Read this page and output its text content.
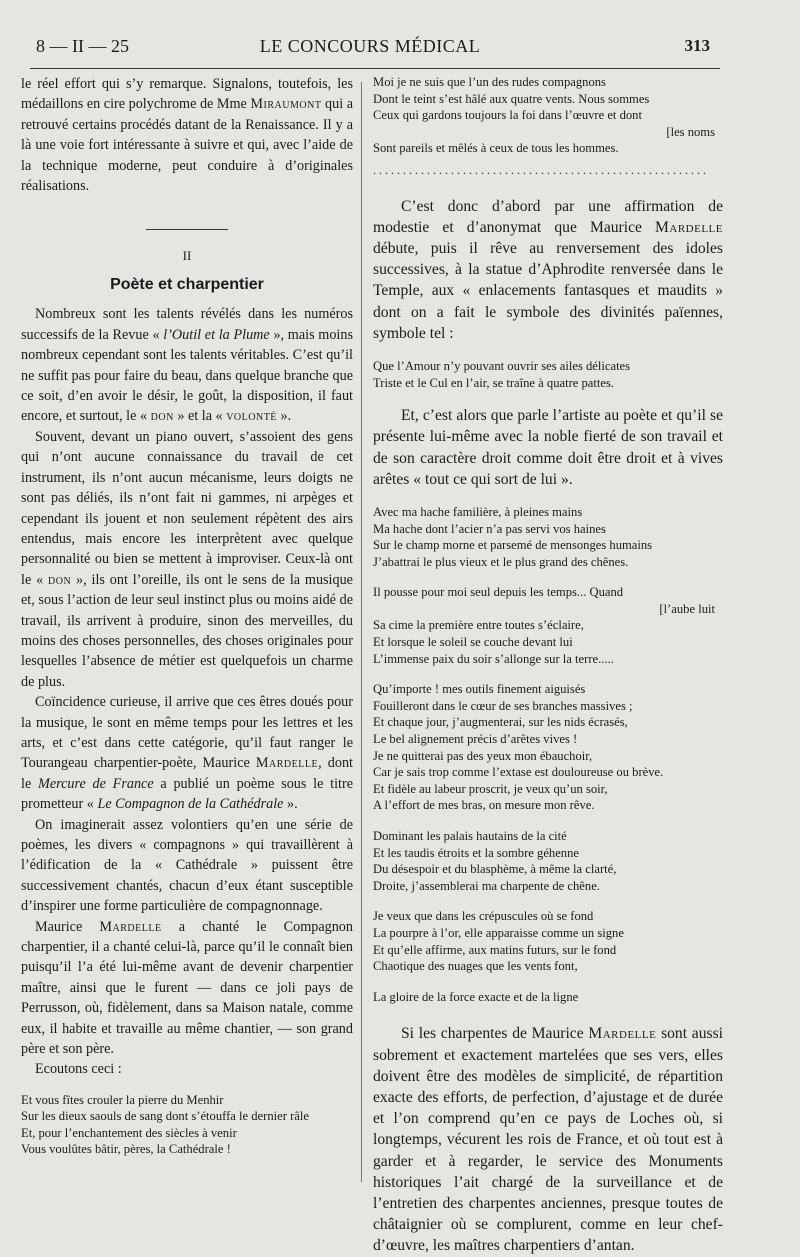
8 — II — 25	LE CONCOURS MÉDICAL	313

le réel effort qui s’y remarque. Signalons, toutefois, les médaillons en cire polychrome de Mme Miraumont qui a retrouvé certains procédés datant de la Renaissance. Il y a là une voie fort intéressante à suivre et qui, avec l’aide de la technique moderne, peut conduire à d’originales réalisations.

II

Poète et charpentier

Nombreux sont les talents révélés dans les numéros successifs de la Revue « l’Outil et la Plume », mais moins nombreux cependant sont les talents véritables. C’est qu’il ne suffit pas pour faire du beau, dans quelque branche que ce soit, d’en avoir le désir, le goût, la disposition, il faut encore, et surtout, le « don » et la « volonté ».

Souvent, devant un piano ouvert, s’assoient des gens qui n’ont aucune connaissance du travail de cet instrument, ils n’ont aucun mécanisme, leurs doigts ne sont pas déliés, ils n’ont fait ni gammes, ni arpèges et cependant ils jouent et non seulement répètent des airs entendus, mais encore les interprètent avec quelque personnalité ou bien se mettent à improviser. Ceux-là ont le « don », ils ont l’oreille, ils ont le sens de la musique et, sous l’action de leur seul instinct plus ou moins aidé de travail, ils arrivent à produire, sinon des merveilles, du moins des choses personnelles, des choses originales pour lesquelles l’absence de métier est quelquefois un charme de plus.

Coïncidence curieuse, il arrive que ces êtres doués pour la musique, le sont en même temps pour les lettres et les arts, et c’est dans cette catégorie, qu’il faut ranger le Tourangeau charpentier-poète, Maurice Mardelle, dont le Mercure de France a publié un poème sous le titre prometteur « Le Compagnon de la Cathédrale ».

On imaginerait assez volontiers qu’en une série de poèmes, les divers « compagnons » qui travaillèrent à l’édification de la « Cathédrale » puissent être successivement chantés, chacun d’eux étant susceptible d’inspirer une forme particulière de compagnonnage.

Maurice Mardelle a chanté le Compagnon charpentier, il a chanté celui-là, parce qu’il le connaît bien puisqu’il l’a été lui-même avant de devenir charpentier maître, ainsi que le furent — dans ce joli pays de Perrusson, où, fidèlement, dans sa Maison natale, comme eux, il habite et travaille au même chantier, — son grand père et son père.

Ecoutons ceci :

Et vous fîtes crouler la pierre du Menhir
Sur les dieux saouls de sang dont s’étouffa le dernier râle
Et, pour l’enchantement des siècles à venir
Vous voulûtes bâtir, pères, la Cathédrale !
Moi je ne suis que l’un des rudes compagnons
Dont le teint s’est hâlé aux quatre vents. Nous sommes
Ceux qui gardons toujours la foi dans l’œuvre et dont
[les noms
Sont pareils et mêlés à ceux de tous les hommes.
........................................................

C’est donc d’abord par une affirmation de modestie et d’anonymat que Maurice Mardelle débute, puis il rêve au renversement des idoles successives, à la statue d’Aphrodite renversée dans le Temple, aux « enlacements fantasques et maudits » dont on a fait le symbole des divinités païennes, symbole tel :

Que l’Amour n’y pouvant ouvrir ses ailes délicates
Triste et le Cul en l’air, se traîne à quatre pattes.

Et, c’est alors que parle l’artiste au poète et qu’il se présente lui-même avec la noble fierté de son travail et de son caractère droit comme doit être droit et à vives arêtes « tout ce qui sort de lui ».

Avec ma hache familière, à pleines mains
Ma hache dont l’acier n’a pas servi vos haines
Sur le champ morne et parsemé de mensonges humains
J’abattrai le plus vieux et le plus grand des chênes.
Il pousse pour moi seul depuis les temps... Quand
[l’aube luit
Sa cime la première entre toutes s’éclaire,
Et lorsque le soleil se couche devant lui
L’immense paix du soir s’allonge sur la terre.....
Qu’importe ! mes outils finement aiguisés
Fouilleront dans le cœur de ses branches massives ;
Et chaque jour, j’augmenterai, sur les nids écrasés,
Le bel alignement précis d’arêtes vives !
Je ne quitterai pas des yeux mon ébauchoir,
Car je sais trop comme l’extase est douloureuse ou brève.
Et fidèle au labeur proscrit, je veux qu’un soir,
A l’effort de mes bras, on mesure mon rêve.
Dominant les palais hautains de la cité
Et les taudis étroits et la sombre géhenne
Du désespoir et du blasphème, à même la clarté,
Droite, j’assemblerai ma charpente de chêne.
Je veux que dans les crépuscules où se fond
La pourpre à l’or, elle apparaisse comme un signe
Et qu’elle affirme, aux matins futurs, sur le fond
Chaotique des nuages que les vents font,
La gloire de la force exacte et de la ligne

Si les charpentes de Maurice Mardelle sont aussi sobrement et exactement martelées que ses vers, elles doivent être des modèles de simplicité, de répartition exacte des efforts, de perfection, d’ajustage et de durée et l’on comprend qu’en ce pays de Loches où, si longtemps, vécurent les rois de France, et où tout est à garder et à regarder, le service des Monuments historiques l’ait chargé de la surveillance et de l’entretien des charpentes anciennes, presque toutes de châtaignier où se complurent, comme en leur chef-d’œuvre, les maîtres charpentiers d’antan.
